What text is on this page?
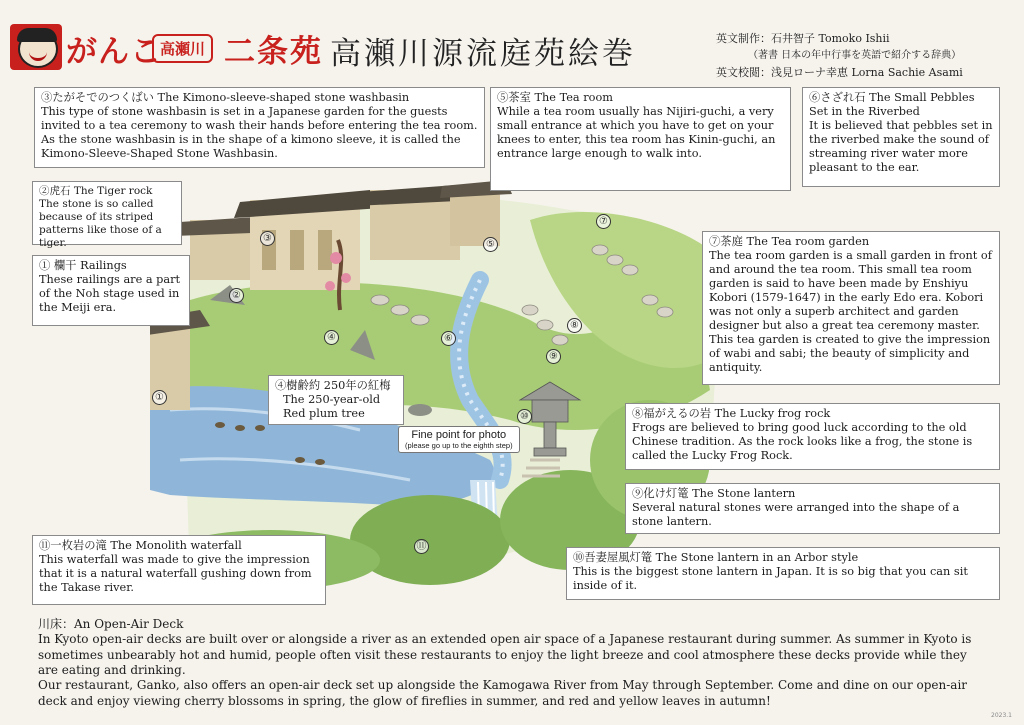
がんこ
高瀬川 二条苑 高瀬川源流庭苑絵巻	英文制作：石井智子 Tomoko Ishii
（著書 日本の年中行事を英語で紹介する辞典）
英文校閲：浅見ローナ幸恵 Lorna Sachie Asami
①
②
③
④
⑤
⑥
⑦
⑧
⑨
⑩
⑪
③たがそでのつくばい The Kimono-sleeve-shaped stone washbasin
This type of stone washbasin is set in a Japanese garden for the guests invited to a tea ceremony to wash their hands before entering the tea room. As the stone washbasin is in the shape of a kimono sleeve, it is called the Kimono-Sleeve-Shaped Stone Washbasin.
⑤茶室 The Tea room
While a tea room usually has Nijiri-guchi, a very small entrance at which you have to get on your knees to enter, this tea room has Kinin-guchi, an entrance large enough to walk into.
⑥さざれ石 The Small Pebbles Set in the Riverbed
It is believed that pebbles set in the riverbed make the sound of streaming river water more pleasant to the ear.
②虎石 The Tiger rock
The stone is so called because of its striped patterns like those of a tiger.
① 欄干 Railings
These railings are a part of the Noh stage used in the Meiji era.
④樹齢約 250年の紅梅
The 250-year-old Red plum tree
⑦茶庭 The Tea room garden
The tea room garden is a small garden in front of and around the tea room. This small tea room garden is said to have been made by Enshiyu Kobori (1579-1647) in the early Edo era. Kobori was not only a superb architect and garden designer but also a great tea ceremony master. This tea garden is created to give the impression of wabi and sabi; the beauty of simplicity and antiquity.
⑧福がえるの岩 The Lucky frog rock
Frogs are believed to bring good luck according to the old Chinese tradition. As the rock looks like a frog, the stone is called the Lucky Frog Rock.
⑨化け灯篭 The Stone lantern
Several natural stones were arranged into the shape of a stone lantern.
⑩吾妻屋風灯篭 The Stone lantern in an Arbor style
This is the biggest stone lantern in Japan. It is so big that you can sit inside of it.
⑪一枚岩の滝 The Monolith waterfall
This waterfall was made to give the impression that it is a natural waterfall gushing down from the Takase river.
Fine point for photo
(please go up to the eighth step)

川床：An Open-Air Deck

In Kyoto open-air decks are built over or alongside a river as an extended open air space of a Japanese restaurant during summer. As summer in Kyoto is sometimes unbearably hot and humid, people often visit these restaurants to enjoy the light breeze and cool atmosphere these decks provide while they are eating and drinking.

Our restaurant, Ganko, also offers an open-air deck set up alongside the Kamogawa River from May through September. Come and dine on our open-air deck and enjoy viewing cherry blossoms in spring, the glow of fireflies in summer, and red and yellow leaves in autumn!

2023.1
